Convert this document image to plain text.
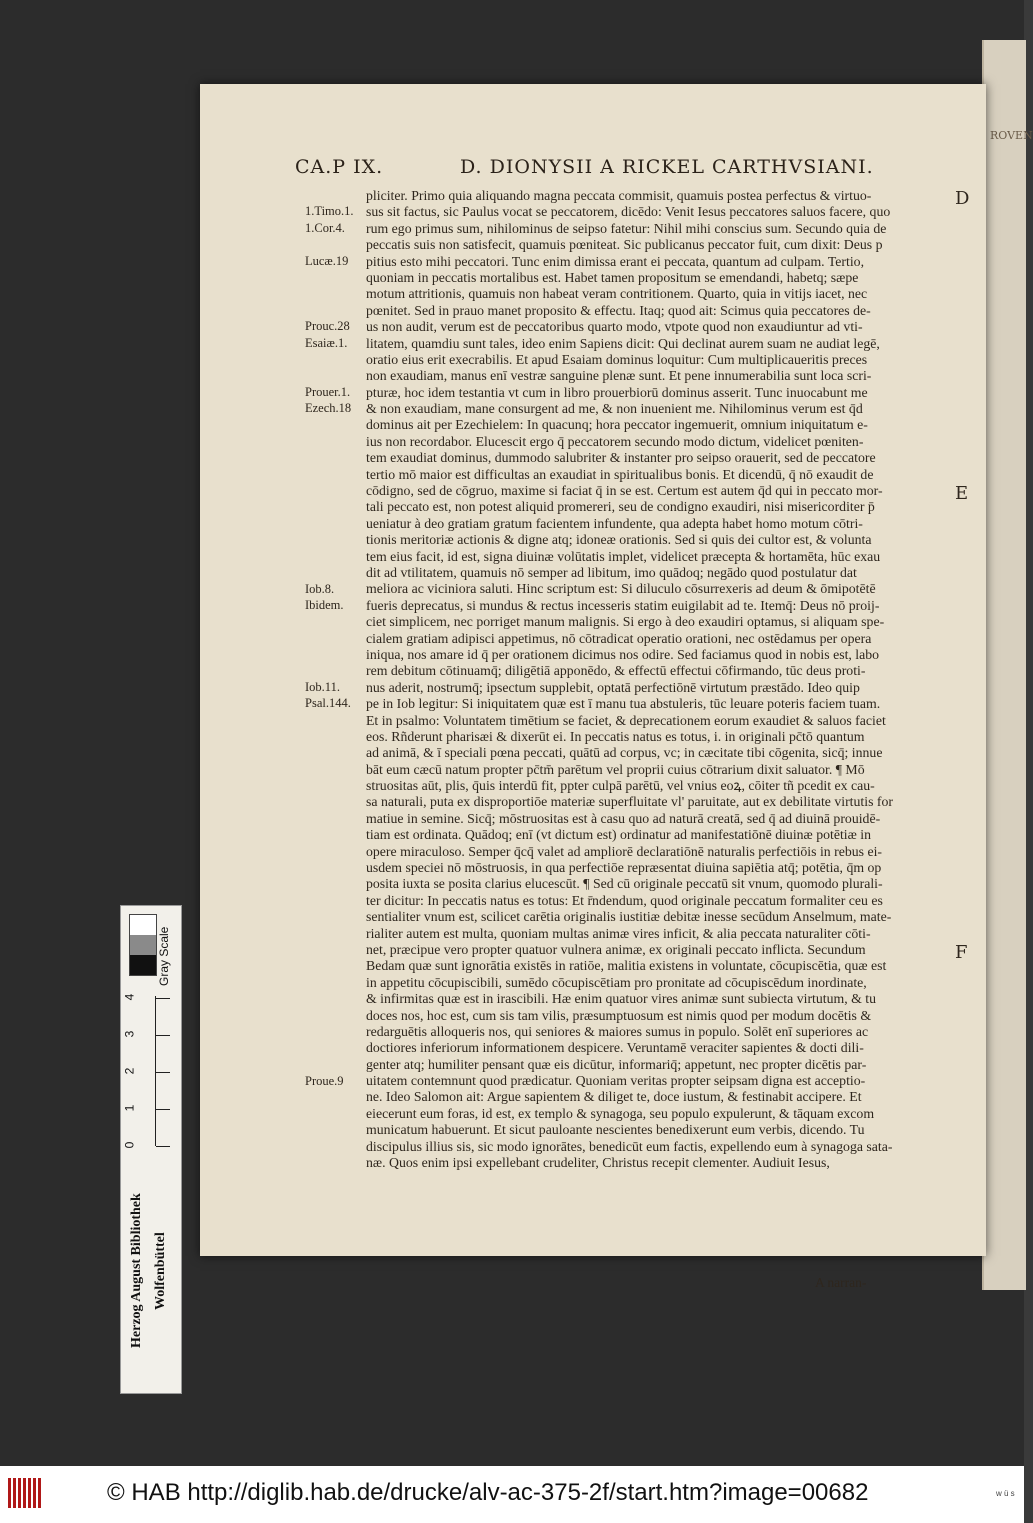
ROVEN
CA.P IX.	D. DIONYSII A RICKEL CARTHVSIANI.
pliciter. Primo quia aliquando magna peccata commisit, quamuis postea perfectus & virtuo-
sus sit factus, sic Paulus vocat se peccatorem, dicēdo: Venit Iesus peccatores saluos facere, quo
rum ego primus sum, nihilominus de seipso fatetur: Nihil mihi conscius sum. Secundo quia de
peccatis suis non satisfecit, quamuis pœniteat. Sic publicanus peccator fuit, cum dixit: Deus p
pitius esto mihi peccatori. Tunc enim dimissa erant ei peccata, quantum ad culpam. Tertio,
quoniam in peccatis mortalibus est. Habet tamen propositum se emendandi, habetq; sæpe
motum attritionis, quamuis non habeat veram contritionem. Quarto, quia in vitijs iacet, nec
pœnitet. Sed in prauo manet proposito & effectu. Itaq; quod ait: Scimus quia peccatores de-
us non audit, verum est de peccatoribus quarto modo, vtpote quod non exaudiuntur ad vti-
litatem, quamdiu sunt tales, ideo enim Sapiens dicit: Qui declinat aurem suam ne audiat legē,
oratio eius erit execrabilis. Et apud Esaiam dominus loquitur: Cum multiplicaueritis preces
non exaudiam, manus enī vestræ sanguine plenæ sunt. Et pene innumerabilia sunt loca scri-
pturæ, hoc idem testantia vt cum in libro prouerbiorū dominus asserit. Tunc inuocabunt me
& non exaudiam, mane consurgent ad me, & non inuenient me. Nihilominus verum est q̄d
dominus ait per Ezechielem: In quacunq; hora peccator ingemuerit, omnium iniquitatum e-
ius non recordabor. Elucescit ergo q̄ peccatorem secundo modo dictum, videlicet pœniten-
tem exaudiat dominus, dummodo salubriter & instanter pro seipso orauerit, sed de peccatore
tertio mō maior est difficultas an exaudiat in spiritualibus bonis. Et dicendū, q̄ nō exaudit de
cōdigno, sed de cōgruo, maxime si faciat q̄ in se est. Certum est autem q̄d qui in peccato mor-
tali peccato est, non potest aliquid promereri, seu de condigno exaudiri, nisi misericorditer p̄
ueniatur à deo gratiam gratum facientem infundente, qua adepta habet homo motum cōtri-
tionis meritoriæ actionis & digne atq; idoneæ orationis. Sed si quis dei cultor est, & volunta
tem eius facit, id est, signa diuinæ volūtatis implet, videlicet præcepta & hortamēta, hūc exau
dit ad vtilitatem, quamuis nō semper ad libitum, imo quādoq; negādo quod postulatur dat
meliora ac viciniora saluti. Hinc scriptum est: Si diluculo cōsurrexeris ad deum & ōmipotētē
fueris deprecatus, si mundus & rectus incesseris statim euigilabit ad te. Itemq̄: Deus nō proij-
ciet simplicem, nec porriget manum malignis. Si ergo à deo exaudiri optamus, si aliquam spe-
cialem gratiam adipisci appetimus, nō cōtradicat operatio orationi, nec ostēdamus per opera
iniqua, nos amare id q̄ per orationem dicimus nos odire. Sed faciamus quod in nobis est, labo
rem debitum cōtinuamq̄; diligētiā apponēdo, & effectū effectui cōfirmando, tūc deus proti-
nus aderit, nostrumq̄; ipsectum supplebit, optatā perfectiōnē virtutum præstādo. Ideo quip
pe in Iob legitur: Si iniquitatem quæ est ī manu tua abstuleris, tūc leuare poteris faciem tuam.
Et in psalmo: Voluntatem timētium se faciet, & deprecationem eorum exaudiet & saluos faciet
eos. Rñderunt pharisæi & dixerūt ei. In peccatis natus es totus, i. in originali pc̄tō quantum
ad animā, & ī speciali pœna peccati, quātū ad corpus, vc; in cæcitate tibi cōgenita, sicq̄; innue
bāt eum cæcū natum propter pc̄tm̄ parētum vel proprii cuius cōtrarium dixit saluator. ¶ Mō
struositas aūt, plis, q̄uis interdū fit, ppter culpā parētū, vel vnius eoꝝ, cōiter tñ pcedit ex cau-
sa naturali, puta ex disproportiōe materiæ superfluitate vl' paruitate, aut ex debilitate virtutis for
matiue in semine. Sicq̄; mōstruositas est à casu quo ad naturā creatā, sed q̄ ad diuinā prouidē-
tiam est ordinata. Quādoq; enī (vt dictum est) ordinatur ad manifestatiōnē diuinæ potētiæ in
opere miraculoso. Semper q̄cq̄ valet ad ampliorē declaratiōnē naturalis perfectiōis in rebus ei-
usdem speciei nō mōstruosis, in qua perfectiōe repræsentat diuina sapiētia atq̄; potētia, q̄m op
posita iuxta se posita clarius elucescūt. ¶ Sed cū originale peccatū sit vnum, quomodo plurali-
ter dicitur: In peccatis natus es totus: Et r̄ndendum, quod originale peccatum formaliter ceu es
sentialiter vnum est, scilicet carētia originalis iustitiæ debitæ inesse secūdum Anselmum, mate-
rialiter autem est multa, quoniam multas animæ vires inficit, & alia peccata naturaliter cōti-
net, præcipue vero propter quatuor vulnera animæ, ex originali peccato inflicta. Secundum
Bedam quæ sunt ignorātia existēs in ratiōe, malitia existens in voluntate, cōcupiscētia, quæ est
in appetitu cōcupiscibili, sumēdo cōcupiscētiam pro pronitate ad cōcupiscēdum inordinate,
& infirmitas quæ est in irascibili. Hæ enim quatuor vires animæ sunt subiecta virtutum, & tu
doces nos, hoc est, cum sis tam vilis, præsumptuosum est nimis quod per modum docētis &
redarguētis alloqueris nos, qui seniores & maiores sumus in populo. Solēt enī superiores ac
doctiores inferiorum informationem despicere. Veruntamē veraciter sapientes & docti dili-
genter atq; humiliter pensant quæ eis dicūtur, informariq̄; appetunt, nec propter dicētis par-
uitatem contemnunt quod prædicatur. Quoniam veritas propter seipsam digna est acceptio-
ne. Ideo Salomon ait: Argue sapientem & diliget te, doce iustum, & festinabit accipere. Et
eiecerunt eum foras, id est, ex templo & synagoga, seu populo expulerunt, & tāquam excom
municatum habuerunt. Et sicut pauloante nescientes benedixerunt eum verbis, dicendo. Tu
discipulus illius sis, sic modo ignorātes, benedicūt eum factis, expellendo eum à synagoga sata-
næ. Quos enim ipsi expellebant crudeliter, Christus recepit clementer. Audiuit Iesus,
1.Timo.1.
1.Cor.4.
Lucæ.19
Prouc.28
Esaiæ.1.
Prouer.1.
Ezech.18
Iob.8.
Ibidem.
Iob.11.
Psal.144.
Proue.9
D
E
F
A narran-
Gray Scale
0
1
2
3
4
Herzog August Bibliothek Wolfenbüttel
© HAB http://diglib.hab.de/drucke/alv-ac-375-2f/start.htm?image=00682	w ü s
